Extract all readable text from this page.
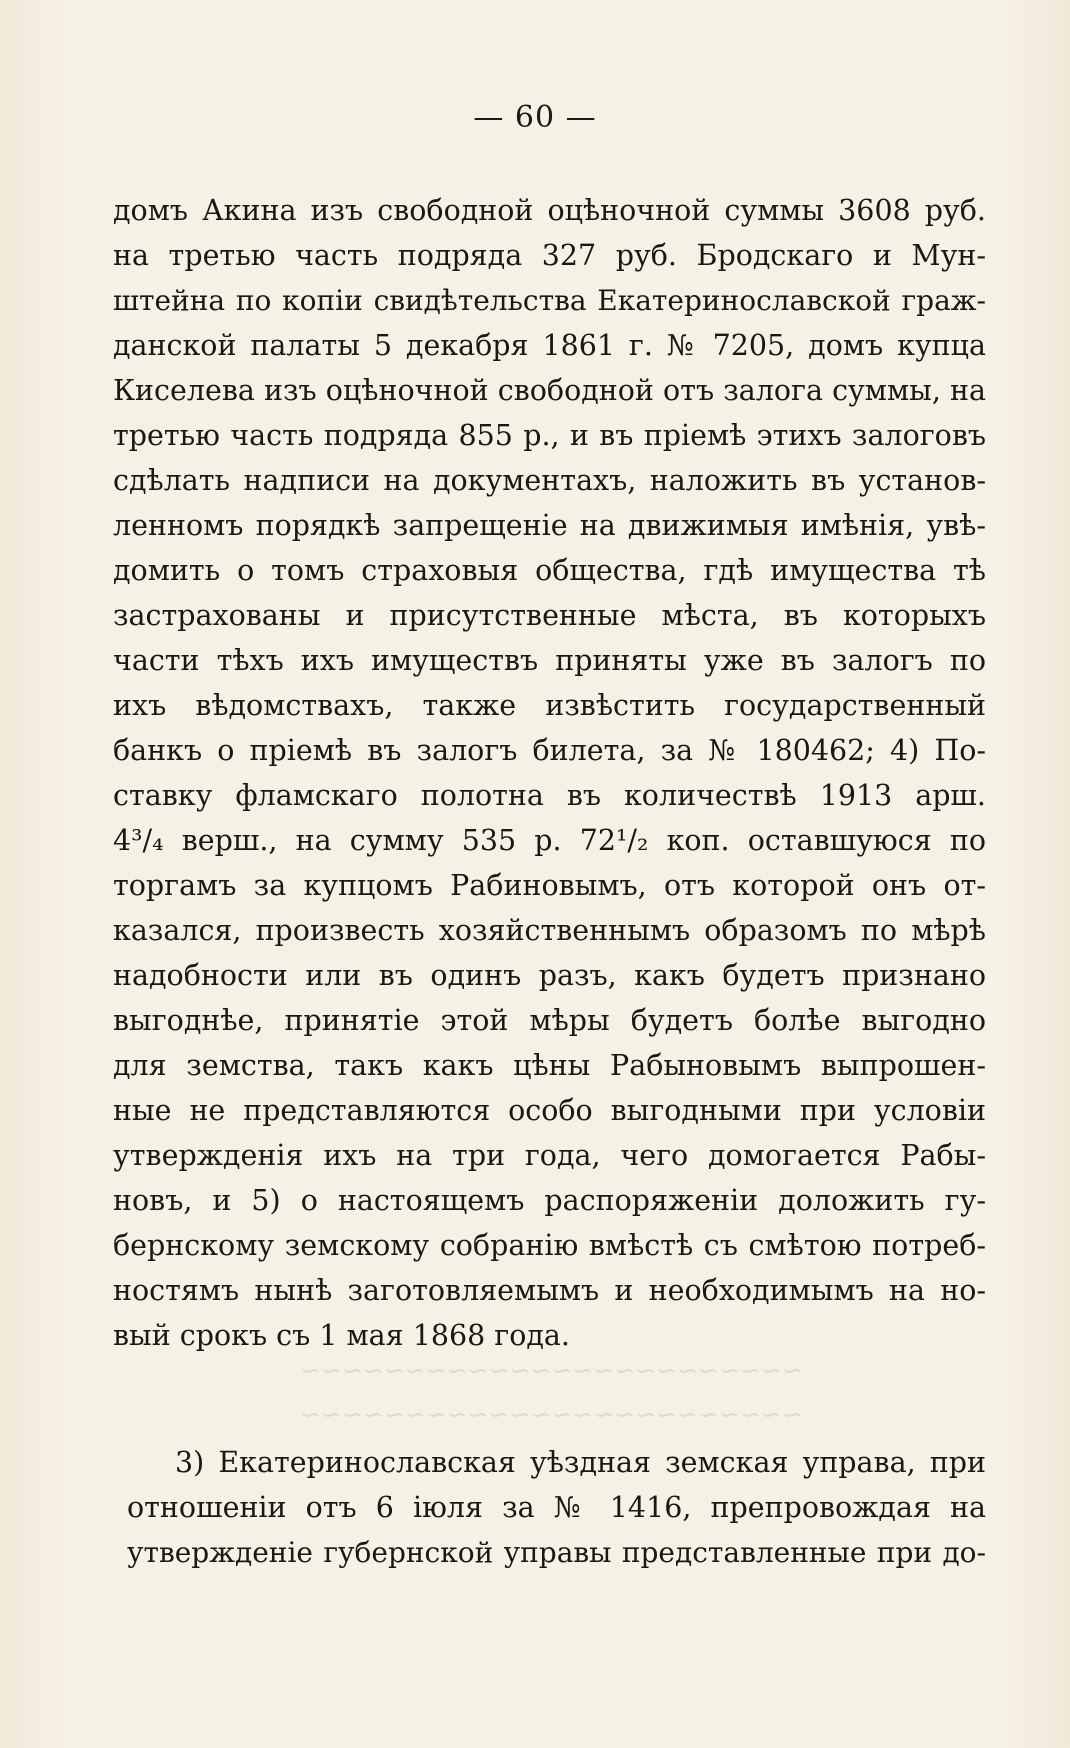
— 60 —
~~~~~~~~~~~~~~~~~~~~~~~~
~~~~~~~~~~~~~~~~~~~~~~~~
домъ Акина изъ свободной оцѣночной суммы 3608 руб.
на третью часть подряда 327 руб. Бродскаго и Мун-
штейна по копіи свидѣтельства Екатеринославской граж-
данской палаты 5 декабря 1861 г. № 7205, домъ купца
Киселева изъ оцѣночной свободной отъ залога суммы, на
третью часть подряда 855 р., и въ пріемѣ этихъ залоговъ
сдѣлать надписи на документахъ, наложить въ установ-
ленномъ порядкѣ запрещеніе на движимыя имѣнія, увѣ-
домить о томъ страховыя общества, гдѣ имущества тѣ
застрахованы и присутственные мѣста, въ которыхъ
части тѣхъ ихъ имуществъ приняты уже въ залогъ по
ихъ вѣдомствахъ, также извѣстить государственный
банкъ о пріемѣ въ залогъ билета, за № 180462; 4) По-
ставку фламскаго полотна въ количествѣ 1913 арш.
4³/₄ верш., на сумму 535 р. 72¹/₂ коп. оставшуюся по
торгамъ за купцомъ Рабиновымъ, отъ которой онъ от-
казался, произвесть хозяйственнымъ образомъ по мѣрѣ
надобности или въ одинъ разъ, какъ будетъ признано
выгоднѣе, принятіе этой мѣры будетъ болѣе выгодно
для земства, такъ какъ цѣны Рабыновымъ выпрошен-
ные не представляются особо выгодными при условіи
утвержденія ихъ на три года, чего домогается Рабы-
новъ, и 5) о настоящемъ распоряженіи доложить гу-
бернскому земскому собранію вмѣстѣ съ смѣтою потреб-
ностямъ нынѣ заготовляемымъ и необходимымъ на но-
вый срокъ съ 1 мая 1868 года.
3) Екатеринославская уѣздная земская управа, при
отношеніи отъ 6 іюля за № 1416, препровождая на
утвержденіе губернской управы представленные при до-
